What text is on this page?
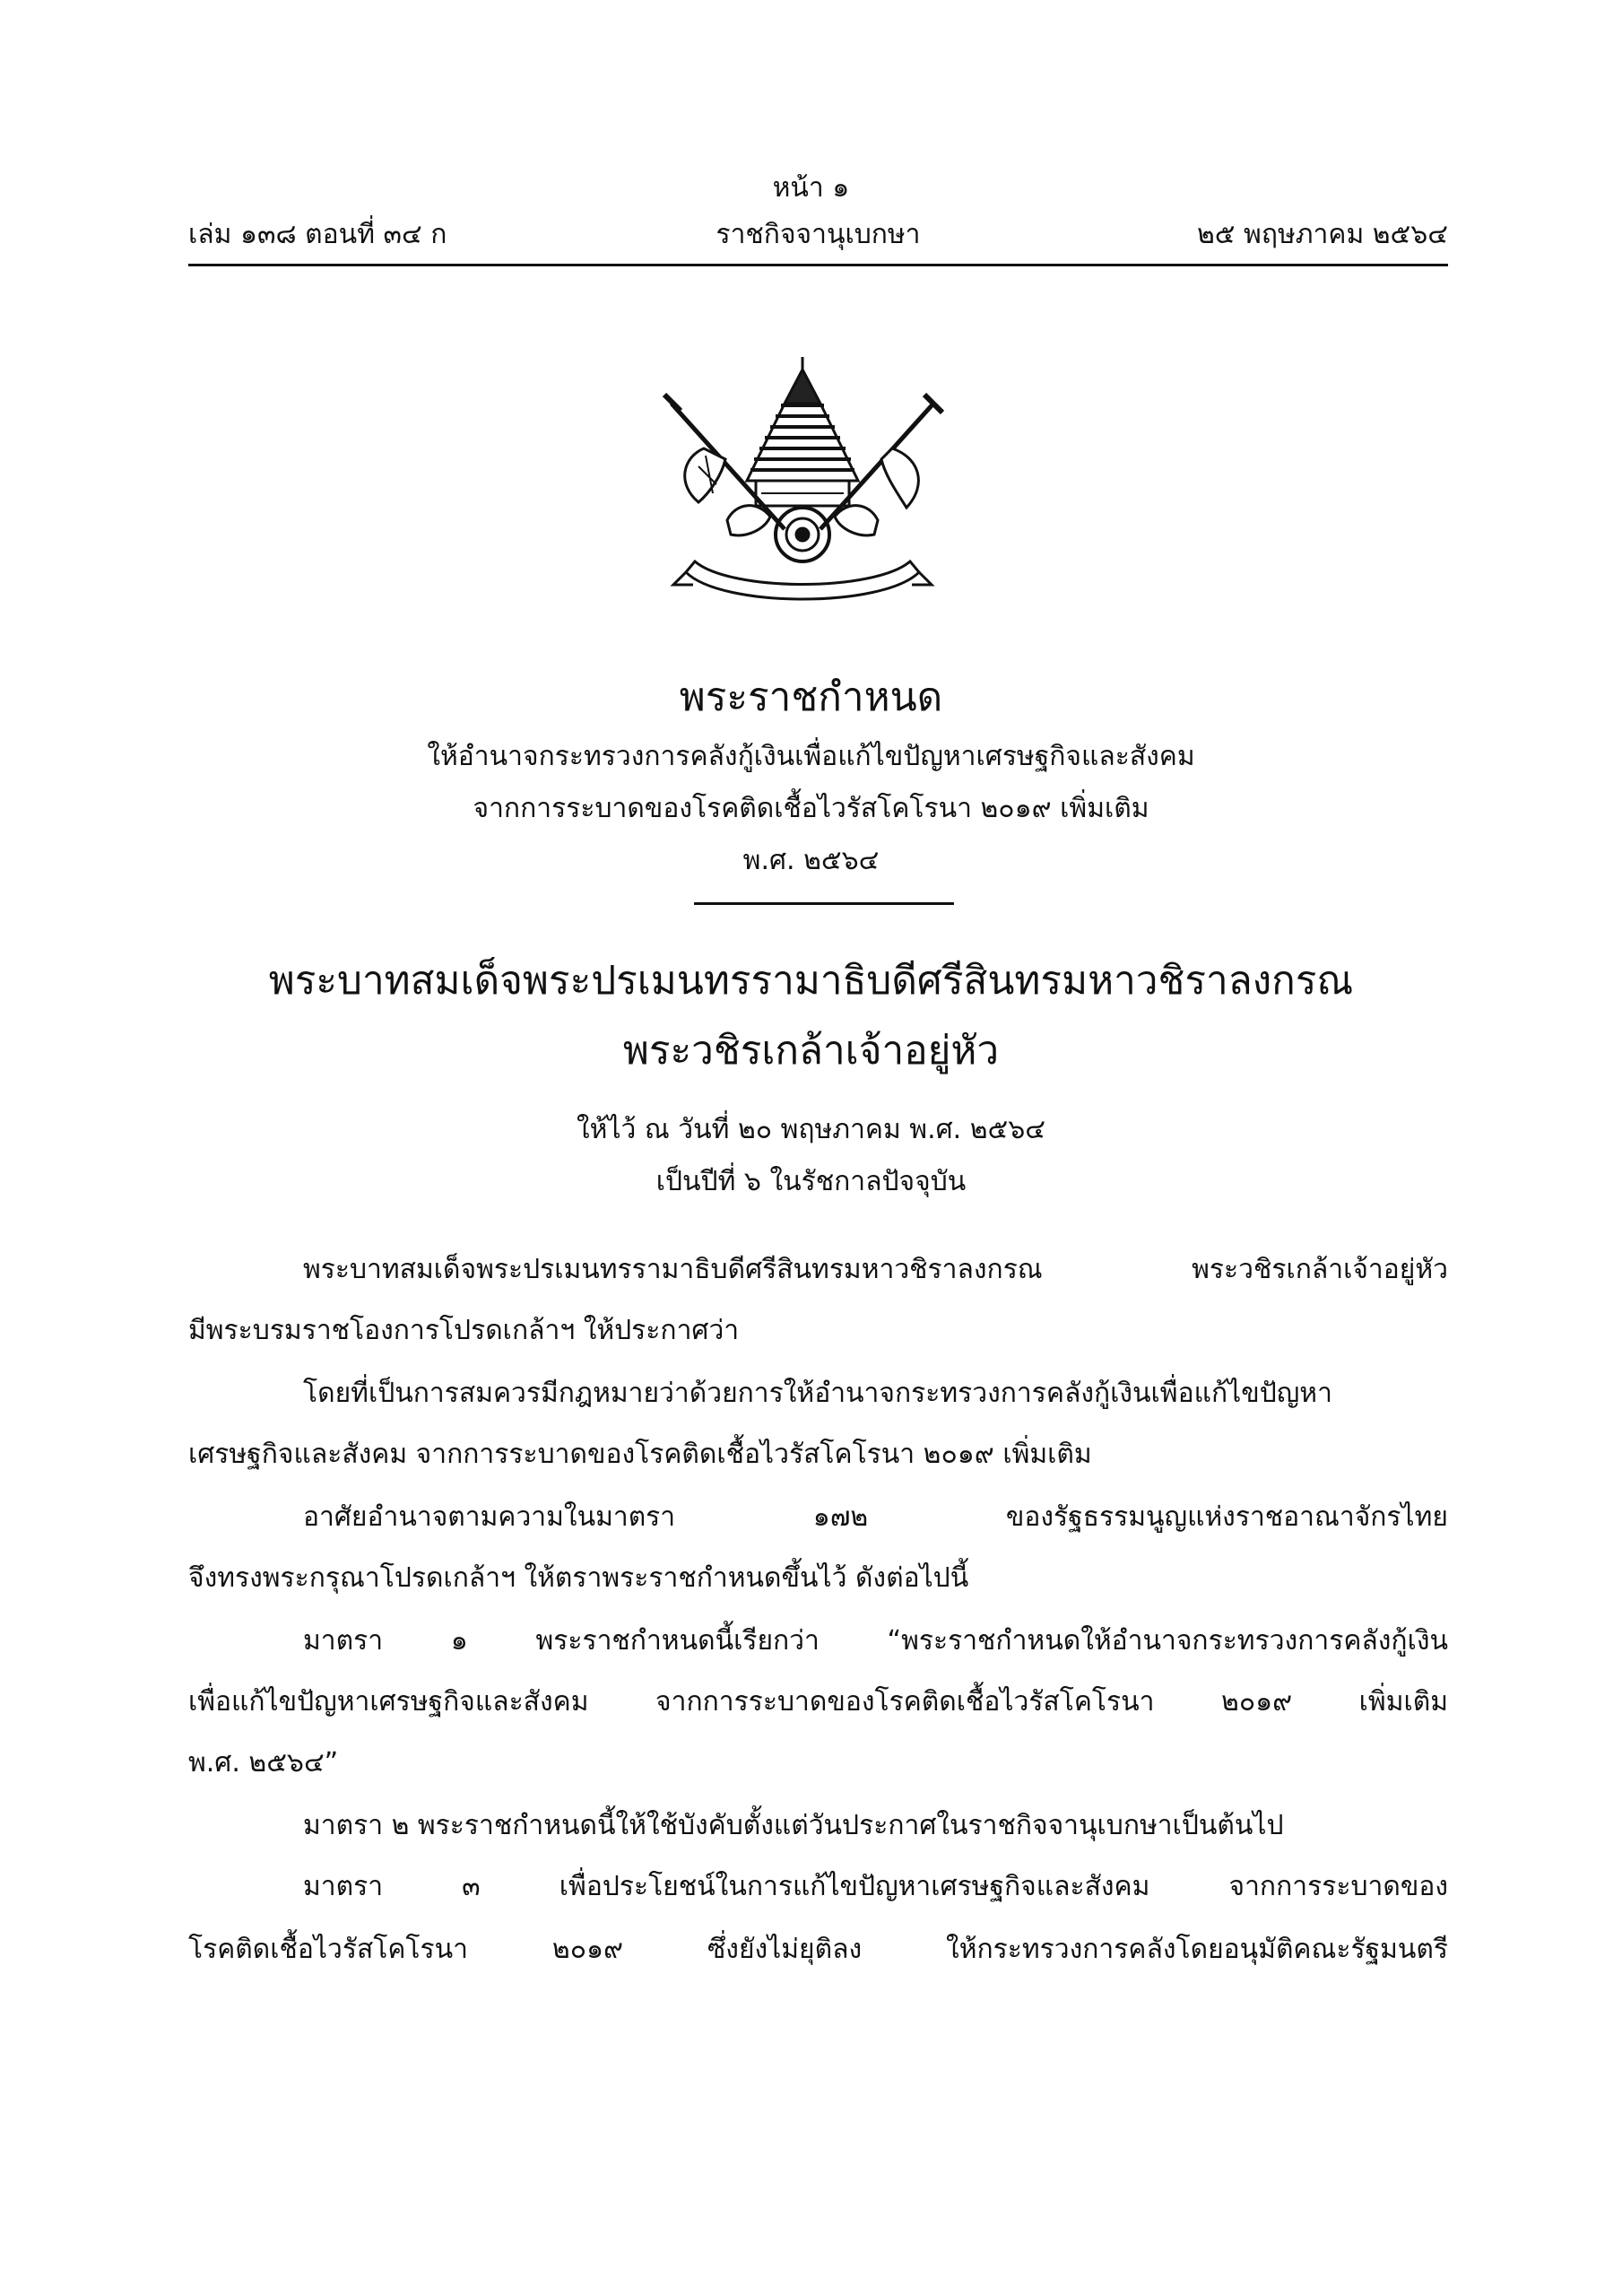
หน้า ๑
เล่ม ๑๓๘ ตอนที่ ๓๔ ก	ราชกิจจานุเบกษา	๒๕ พฤษภาคม ๒๕๖๔
พระราชกำหนด
ให้อำนาจกระทรวงการคลังกู้เงินเพื่อแก้ไขปัญหาเศรษฐกิจและสังคม
จากการระบาดของโรคติดเชื้อไวรัสโคโรนา ๒๐๑๙ เพิ่มเติม
พ.ศ. ๒๕๖๔
พระบาทสมเด็จพระปรเมนทรรามาธิบดีศรีสินทรมหาวชิราลงกรณ
พระวชิรเกล้าเจ้าอยู่หัว
ให้ไว้ ณ วันที่ ๒๐ พฤษภาคม พ.ศ. ๒๕๖๔
เป็นปีที่ ๖ ในรัชกาลปัจจุบัน
พระบาทสมเด็จพระปรเมนทรรามาธิบดีศรีสินทรมหาวชิราลงกรณ พระวชิรเกล้าเจ้าอยู่หัว
มีพระบรมราชโองการโปรดเกล้าฯ ให้ประกาศว่า
โดยที่เป็นการสมควรมีกฎหมายว่าด้วยการให้อำนาจกระทรวงการคลังกู้เงินเพื่อแก้ไขปัญหา
เศรษฐกิจและสังคม จากการระบาดของโรคติดเชื้อไวรัสโคโรนา ๒๐๑๙ เพิ่มเติม
อาศัยอำนาจตามความในมาตรา ๑๗๒ ของรัฐธรรมนูญแห่งราชอาณาจักรไทย
จึงทรงพระกรุณาโปรดเกล้าฯ ให้ตราพระราชกำหนดขึ้นไว้ ดังต่อไปนี้
มาตรา ๑ พระราชกำหนดนี้เรียกว่า “พระราชกำหนดให้อำนาจกระทรวงการคลังกู้เงิน
เพื่อแก้ไขปัญหาเศรษฐกิจและสังคม จากการระบาดของโรคติดเชื้อไวรัสโคโรนา ๒๐๑๙ เพิ่มเติม
พ.ศ. ๒๕๖๔”
มาตรา ๒ พระราชกำหนดนี้ให้ใช้บังคับตั้งแต่วันประกาศในราชกิจจานุเบกษาเป็นต้นไป
มาตรา ๓ เพื่อประโยชน์ในการแก้ไขปัญหาเศรษฐกิจและสังคม จากการระบาดของ
โรคติดเชื้อไวรัสโคโรนา ๒๐๑๙ ซึ่งยังไม่ยุติลง ให้กระทรวงการคลังโดยอนุมัติคณะรัฐมนตรี
